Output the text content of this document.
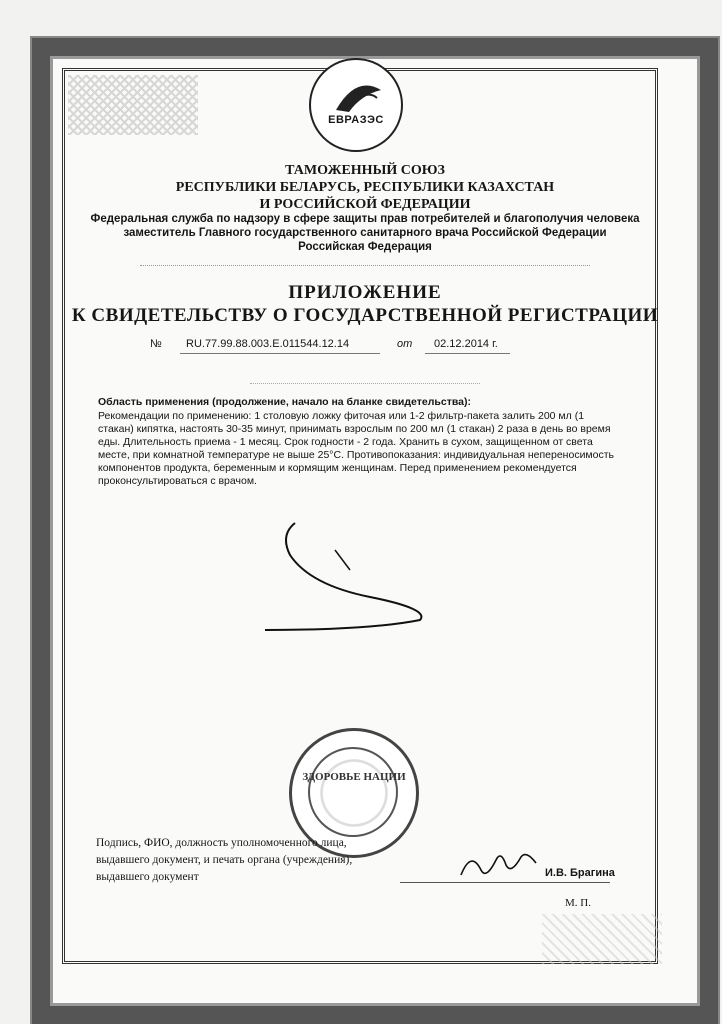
ЕВРАЗЭС
ТАМОЖЕННЫЙ СОЮЗ
РЕСПУБЛИКИ БЕЛАРУСЬ, РЕСПУБЛИКИ КАЗАХСТАН
И РОССИЙСКОЙ ФЕДЕРАЦИИ
Федеральная служба по надзору в сфере защиты прав потребителей и благополучия человека
заместитель Главного государственного санитарного врача Российской Федерации
Российская Федерация
ПРИЛОЖЕНИЕ
К СВИДЕТЕЛЬСТВУ О ГОСУДАРСТВЕННОЙ РЕГИСТРАЦИИ
№ RU.77.99.88.003.E.011544.12.14	от 02.12.2014 г.
Область применения (продолжение, начало на бланке свидетельства):
Рекомендации по применению: 1 столовую ложку фиточая или 1-2 фильтр-пакета залить 200 мл (1 стакан) кипятка, настоять 30-35 минут, принимать взрослым по 200 мл (1 стакан) 2 раза в день во время еды. Длительность приема - 1 месяц. Срок годности - 2 года. Хранить в сухом, защищенном от света месте, при комнатной температуре не выше 25°С. Противопоказания: индивидуальная непереносимость компонентов продукта, беременным и кормящим женщинам. Перед применением рекомендуется проконсультироваться с врачом.
ЗДОРОВЬЕ НАЦИИ
Подпись, ФИО, должность уполномоченного лица, выдавшего документ, и печать органа (учреждения), выдавшего документ	И.В. Брагина
М. П.
